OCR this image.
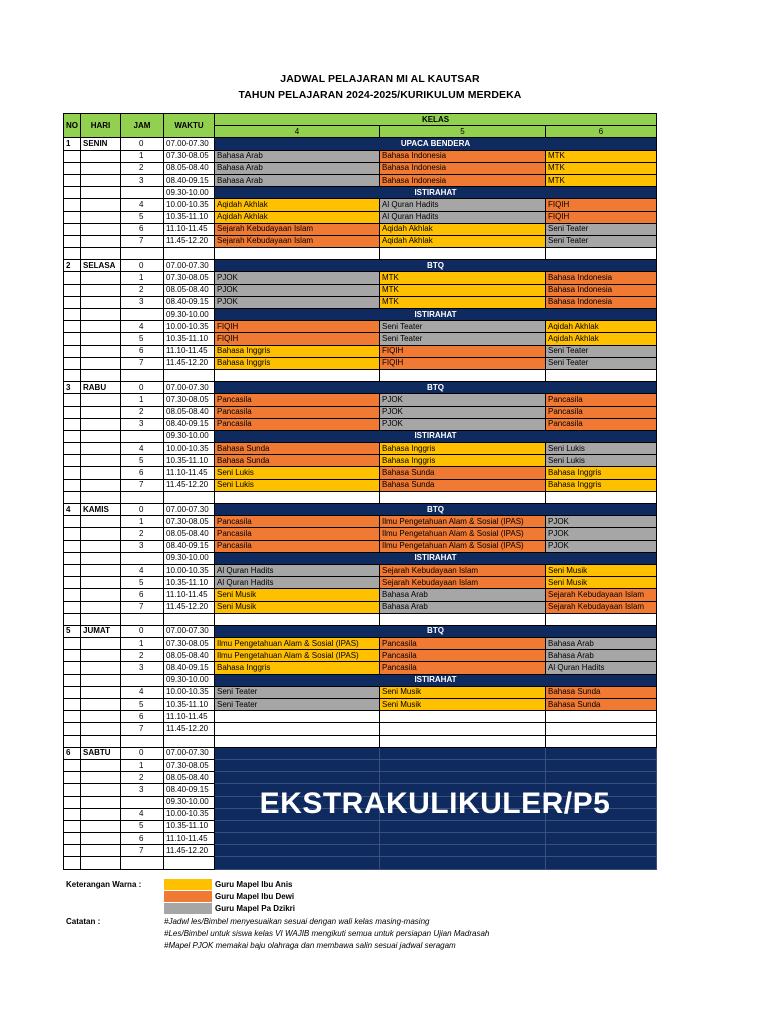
JADWAL PELAJARAN MI AL KAUTSAR
TAHUN PELAJARAN 2024-2025/KURIKULUM MERDEKA
NO	HARI	JAM	WAKTU	KELAS		
				4	5	6
1	SENIN	0	07.00-07.30	UPACA BENDERA		
		1	07.30-08.05	Bahasa Arab	Bahasa Indonesia	MTK
		2	08.05-08.40	Bahasa Arab	Bahasa Indonesia	MTK
		3	08.40-09.15	Bahasa Arab	Bahasa Indonesia	MTK
			09.30-10.00	ISTIRAHAT		
		4	10.00-10.35	Aqidah Akhlak	Al Quran Hadits	FIQIH
		5	10.35-11.10	Aqidah Akhlak	Al Quran Hadits	FIQIH
		6	11.10-11.45	Sejarah Kebudayaan Islam	Aqidah Akhlak	Seni Teater
		7	11.45-12.20	Sejarah Kebudayaan Islam	Aqidah Akhlak	Seni Teater

2	SELASA	0	07.00-07.30	BTQ		
		1	07.30-08.05	PJOK	MTK	Bahasa Indonesia
		2	08.05-08.40	PJOK	MTK	Bahasa Indonesia
		3	08.40-09.15	PJOK	MTK	Bahasa Indonesia
			09.30-10.00	ISTIRAHAT		
		4	10.00-10.35	FIQIH	Seni Teater	Aqidah Akhlak
		5	10.35-11.10	FIQIH	Seni Teater	Aqidah Akhlak
		6	11.10-11.45	Bahasa Inggris	FIQIH	Seni Teater
		7	11.45-12.20	Bahasa Inggris	FIQIH	Seni Teater

3	RABU	0	07.00-07.30	BTQ		
		1	07.30-08.05	Pancasila	PJOK	Pancasila
		2	08.05-08.40	Pancasila	PJOK	Pancasila
		3	08.40-09.15	Pancasila	PJOK	Pancasila
			09.30-10.00	ISTIRAHAT		
		4	10.00-10.35	Bahasa Sunda	Bahasa Inggris	Seni Lukis
		5	10.35-11.10	Bahasa Sunda	Bahasa Inggris	Seni Lukis
		6	11.10-11.45	Seni Lukis	Bahasa Sunda	Bahasa Inggris
		7	11.45-12.20	Seni Lukis	Bahasa Sunda	Bahasa Inggris

4	KAMIS	0	07.00-07.30	BTQ		
		1	07.30-08.05	Pancasila	Ilmu Pengetahuan Alam & Sosial (IPAS)	PJOK
		2	08.05-08.40	Pancasila	Ilmu Pengetahuan Alam & Sosial (IPAS)	PJOK
		3	08.40-09.15	Pancasila	Ilmu Pengetahuan Alam & Sosial (IPAS)	PJOK
			09.30-10.00	ISTIRAHAT		
		4	10.00-10.35	Al Quran Hadits	Sejarah Kebudayaan Islam	Seni Musik
		5	10.35-11.10	Al Quran Hadits	Sejarah Kebudayaan Islam	Seni Musik
		6	11.10-11.45	Seni Musik	Bahasa Arab	Sejarah Kebudayaan Islam
		7	11.45-12.20	Seni Musik	Bahasa Arab	Sejarah Kebudayaan Islam

5	JUMAT	0	07.00-07.30	BTQ		
		1	07.30-08.05	Ilmu Pengetahuan Alam & Sosial (IPAS)	Pancasila	Bahasa Arab
		2	08.05-08.40	Ilmu Pengetahuan Alam & Sosial (IPAS)	Pancasila	Bahasa Arab
		3	08.40-09.15	Bahasa Inggris	Pancasila	Al Quran Hadits
			09.30-10.00	ISTIRAHAT		
		4	10.00-10.35	Seni Teater	Seni Musik	Bahasa Sunda
		5	10.35-11.10	Seni Teater	Seni Musik	Bahasa Sunda
		6	11.10-11.45			
		7	11.45-12.20			

6	SABTU	0	07.00-07.30			
		1	07.30-08.05			
		2	08.05-08.40			
		3	08.40-09.15			
			09.30-10.00			
		4	10.00-10.35			
		5	10.35-11.10			
		6	11.10-11.45			
		7	11.45-12.20			

EKSTRAKULIKULER/P5
Keterangan Warna :	Guru Mapel Ibu Anis
Guru Mapel Ibu Dewi
Guru Mapel Pa Dzikri
Catatan :	#Jadwl les/Bimbel menyesuaikan sesuai dengan wali kelas masing-masing
#Les/Bimbel untuk siswa kelas VI WAJIB mengikuti semua untuk persiapan Ujian Madrasah
#Mapel PJOK memakai baju olahraga dan membawa salin sesuai jadwal seragam
